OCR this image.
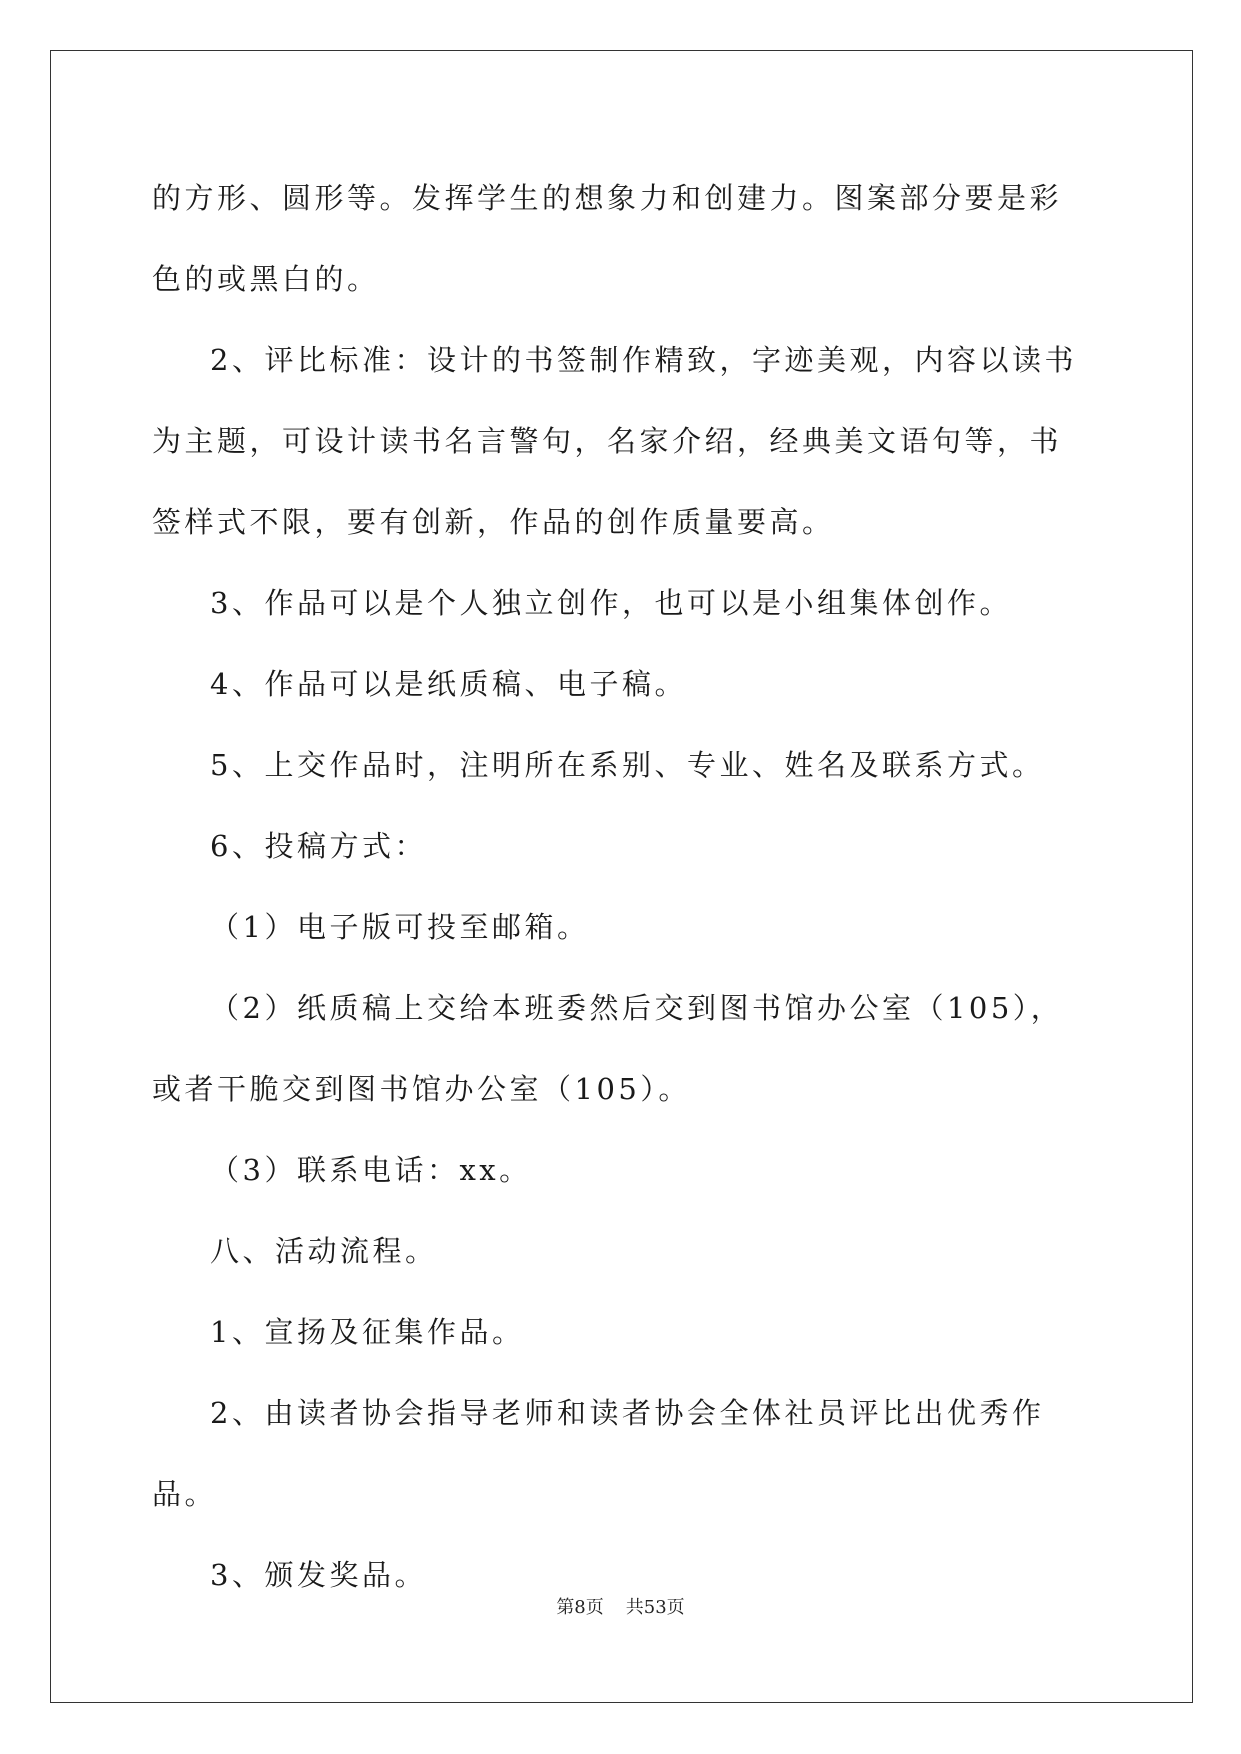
的方形、圆形等。发挥学生的想象力和创建力。图案部分要是彩色的或黑白的。

2、评比标准：设计的书签制作精致，字迹美观，内容以读书为主题，可设计读书名言警句，名家介绍，经典美文语句等，书签样式不限，要有创新，作品的创作质量要高。

3、作品可以是个人独立创作，也可以是小组集体创作。

4、作品可以是纸质稿、电子稿。

5、上交作品时，注明所在系别、专业、姓名及联系方式。

6、投稿方式：

（1）电子版可投至邮箱。

（2）纸质稿上交给本班委然后交到图书馆办公室（105），或者干脆交到图书馆办公室（105）。

（3）联系电话：xx。

八、活动流程。

1、宣扬及征集作品。

2、由读者协会指导老师和读者协会全体社员评比出优秀作品。

3、颁发奖品。

第8页 共53页
